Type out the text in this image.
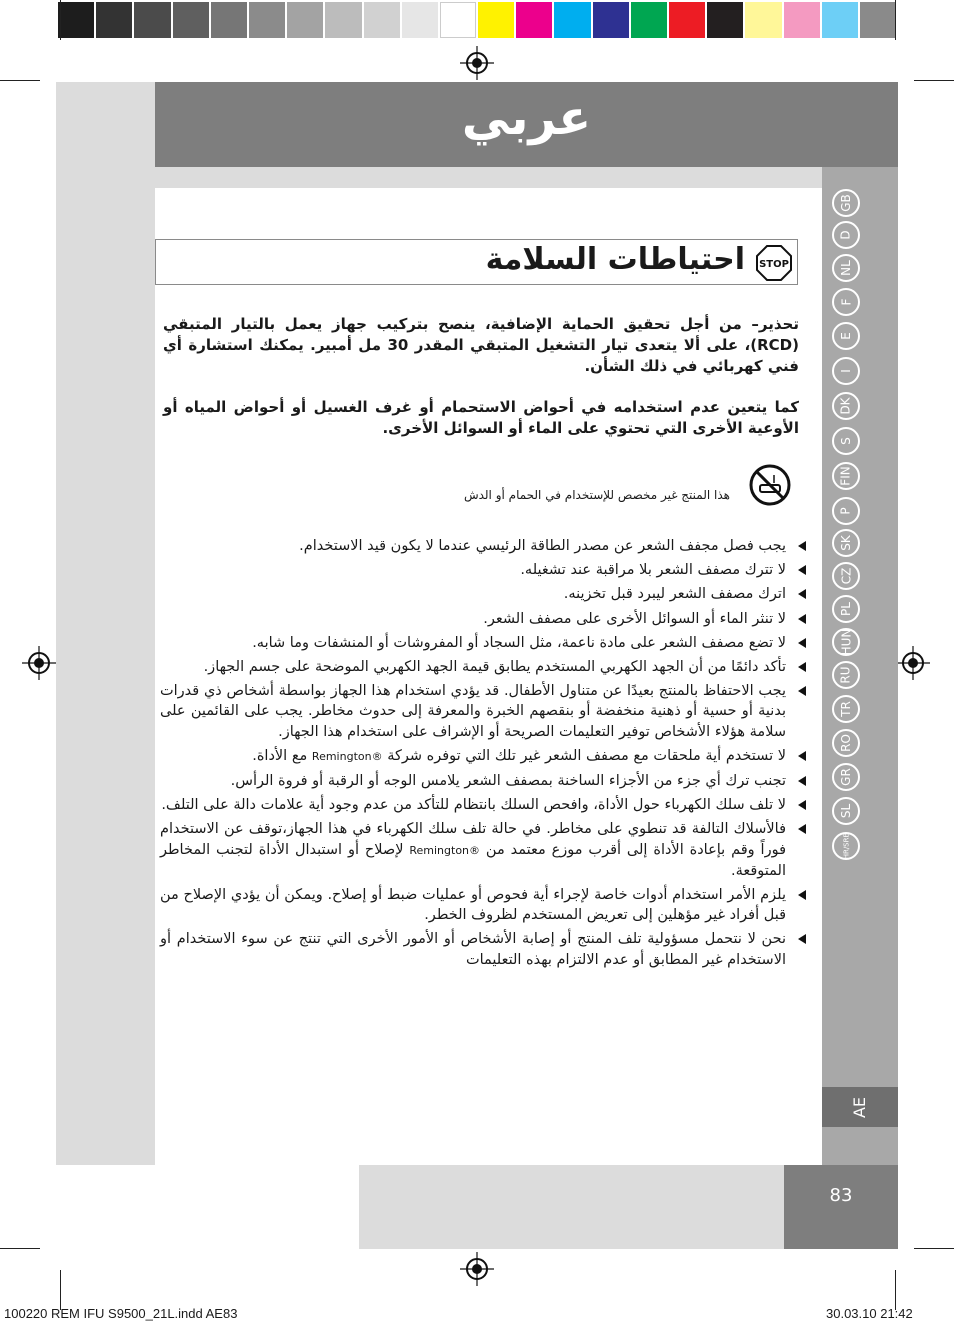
عربي
GB
D
NL
F
E
I
DK
S
FIN
P
SK
CZ
PL
HUN
RU
TR
RO
GR
SL
HR/SRB
AE
83
احتياطات السلامة STOP
تحذير– من أجل تحقيق الحماية الإضافية، ينصح بتركيب جهاز يعمل بالتيار المتبقي (RCD)، على ألا يتعدى تيار التشغيل المتبقي المقدر 30 مل أمبير. يمكنك استشارة أي فني كهربائي في ذلك الشأن.
كما يتعين عدم استخدامه في أحواض الاستحمام أو غرف الغسيل أو أحواض المياه أو الأوعية الأخرى التي تحتوي على الماء أو السوائل الأخرى.
هذا المنتج غير مخصص للإستخدام في الحمام أو الدش
يجب فصل مجفف الشعر عن مصدر الطاقة الرئيسي عندما لا يكون قيد الاستخدام.
لا تترك مصفف الشعر بلا مراقبة عند تشغيله.
اترك مصفف الشعر ليبرد قبل تخزينه.
لا تنثر الماء أو السوائل الأخرى على مصفف الشعر.
لا تضع مصفف الشعر على مادة ناعمة، مثل السجاد أو المفروشات أو المنشفات وما شابه.
تأكد دائمًا من أن الجهد الكهربي المستخدم يطابق قيمة الجهد الكهربي الموضحة على جسم الجهاز.
يجب الاحتفاظ بالمنتج بعيدًا عن متناول الأطفال. قد يؤدي استخدام هذا الجهاز بواسطة أشخاص ذي قدرات بدنية أو حسية أو ذهنية منخفضة أو بنقصهم الخبرة والمعرفة إلى حدوث مخاطر. يجب على القائمين على سلامة هؤلاء الأشخاص توفير التعليمات الصريحة أو الإشراف على استخدام هذا الجهاز.
لا تستخدم أية ملحقات مع مصفف الشعر غير تلك التي توفره شركة Remington® مع الأداة.
تجنب ترك أي جزء من الأجزاء الساخنة بمصفف الشعر يلامس الوجه أو الرقبة أو فروة الرأس.
لا تلف سلك الكهرباء حول الأداة، وافحص السلك بانتظام للتأكد من عدم وجود أية علامات دالة على التلف.
فالأسلاك التالفة قد تنطوي على مخاطر. في حالة تلف سلك الكهرباء في هذا الجهاز،توقف عن الاستخدام فوراً وقم بإعادة الأداة إلى أقرب موزع معتمد من Remington® لإصلاح أو استبدال الأداة لتجنب المخاطر المتوقعة.
يلزم الأمر استخدام أدوات خاصة لإجراء أية فحوص أو عمليات ضبط أو إصلاح. ويمكن أن يؤدي الإصلاح من قبل أفراد غير مؤهلين إلى تعريض المستخدم لظروف الخطر.
نحن لا نتحمل مسؤولية تلف المنتج أو إصابة الأشخاص أو الأمور الأخرى التي تنتج عن سوء الاستخدام أو الاستخدام غير المطابق أو عدم الالتزام بهذه التعليمات
100220 REM IFU S9500_21L.indd AE83	30.03.10 21:42
